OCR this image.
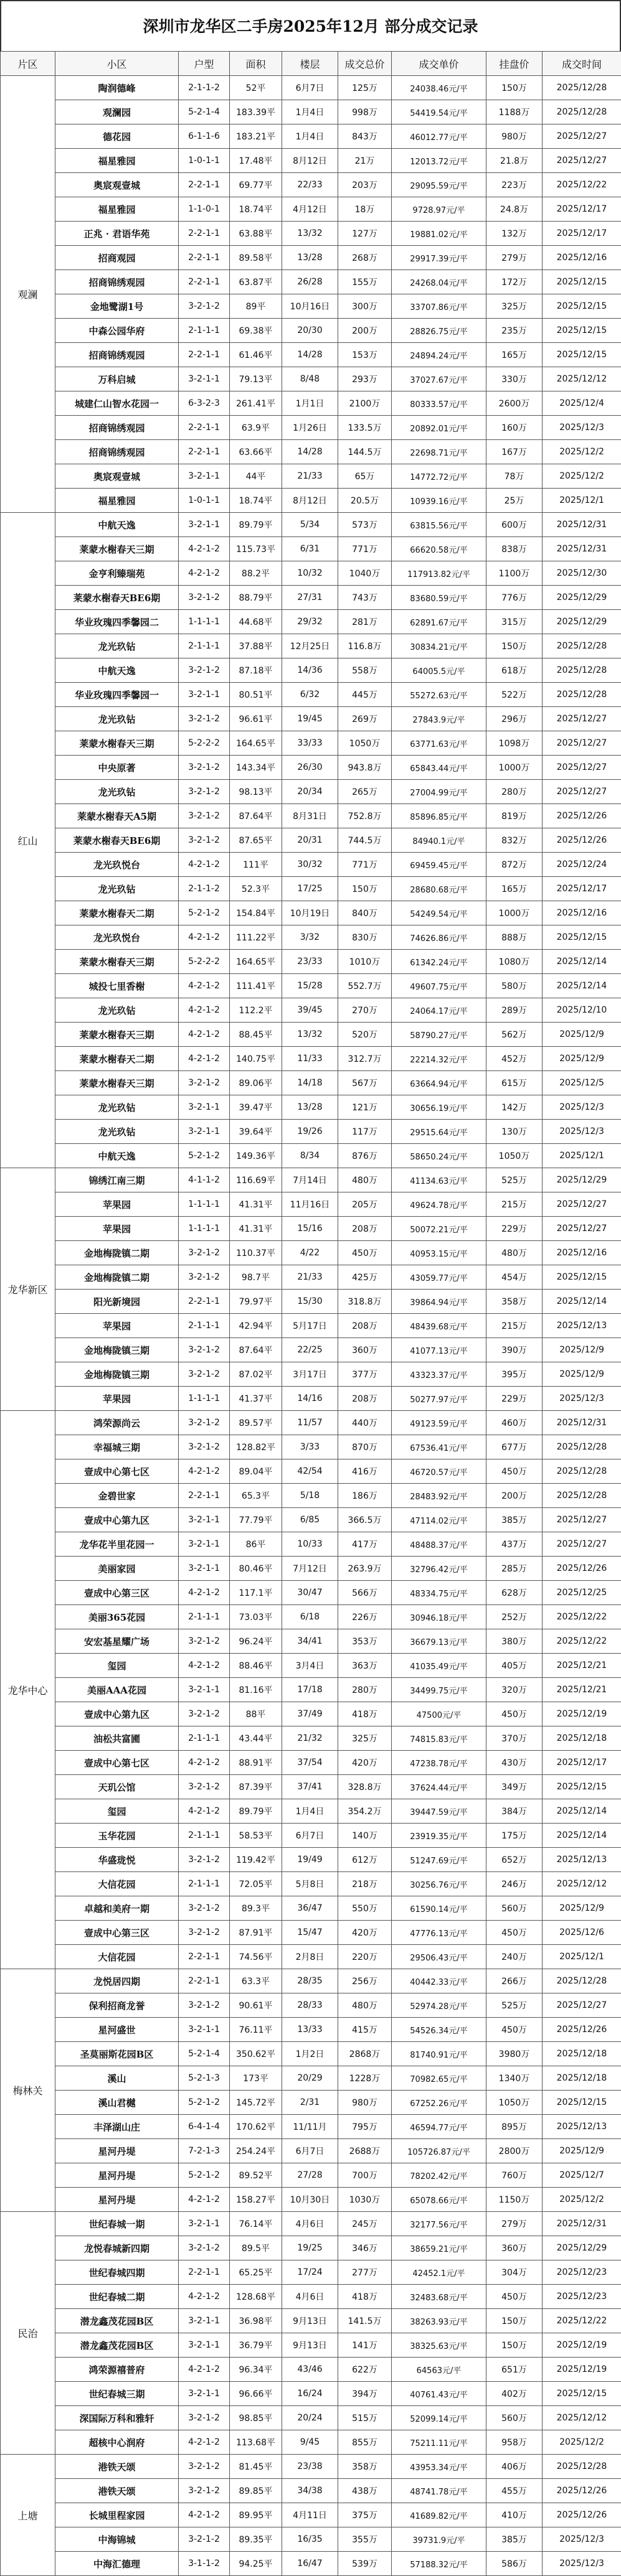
深圳市龙华区二手房2025年12月 部分成交记录
片区	小区	户型	面积	楼层	成交总价	成交单价	挂盘价	成交时间
观澜	陶润德峰	2-1-1-2	52平	6月7日	125万	24038.46元/平	150万	2025/12/28
	观澜园	5-2-1-4	183.39平	1月4日	998万	54419.54元/平	1188万	2025/12/28
	德花园	6-1-1-6	183.21平	1月4日	843万	46012.77元/平	980万	2025/12/27
	福星雅园	1-0-1-1	17.48平	8月12日	21万	12013.72元/平	21.8万	2025/12/27
	奥宸观壹城	2-2-1-1	69.77平	22/33	203万	29095.59元/平	223万	2025/12/22
	福星雅园	1-1-0-1	18.74平	4月12日	18万	9728.97元/平	24.8万	2025/12/17
	正兆 · 君语华苑	2-2-1-1	63.88平	13/32	127万	19881.02元/平	132万	2025/12/17
	招商观园	2-2-1-1	89.58平	13/28	268万	29917.39元/平	279万	2025/12/16
	招商锦绣观园	2-2-1-1	63.87平	26/28	155万	24268.04元/平	172万	2025/12/15
	金地鹭湖1号	3-2-1-2	89平	10月16日	300万	33707.86元/平	325万	2025/12/15
	中森公园华府	2-1-1-1	69.38平	20/30	200万	28826.75元/平	235万	2025/12/15
	招商锦绣观园	2-2-1-1	61.46平	14/28	153万	24894.24元/平	165万	2025/12/15
	万科启城	3-2-1-1	79.13平	8/48	293万	37027.67元/平	330万	2025/12/12
	城建仁山智水花园一	6-3-2-3	261.41平	1月1日	2100万	80333.57元/平	2600万	2025/12/4
	招商锦绣观园	2-2-1-1	63.9平	1月26日	133.5万	20892.01元/平	160万	2025/12/3
	招商锦绣观园	2-2-1-1	63.66平	14/28	144.5万	22698.71元/平	167万	2025/12/2
	奥宸观壹城	3-2-1-1	44平	21/33	65万	14772.72元/平	78万	2025/12/2
	福星雅园	1-0-1-1	18.74平	8月12日	20.5万	10939.16元/平	25万	2025/12/1
红山	中航天逸	3-2-1-1	89.79平	5/34	573万	63815.56元/平	600万	2025/12/31
	莱蒙水榭春天三期	4-2-1-2	115.73平	6/31	771万	66620.58元/平	838万	2025/12/31
	金亨利臻瑞苑	4-2-1-2	88.2平	10/32	1040万	117913.82元/平	1100万	2025/12/30
	莱蒙水榭春天BE6期	3-2-1-2	88.79平	27/31	743万	83680.59元/平	776万	2025/12/29
	华业玫瑰四季馨园二	1-1-1-1	44.68平	29/32	281万	62891.67元/平	315万	2025/12/29
	龙光玖钻	2-1-1-1	37.88平	12月25日	116.8万	30834.21元/平	150万	2025/12/28
	中航天逸	3-2-1-2	87.18平	14/36	558万	64005.5元/平	618万	2025/12/28
	华业玫瑰四季馨园一	3-2-1-1	80.51平	6/32	445万	55272.63元/平	522万	2025/12/28
	龙光玖钻	3-2-1-2	96.61平	19/45	269万	27843.9元/平	296万	2025/12/27
	莱蒙水榭春天三期	5-2-2-2	164.65平	33/33	1050万	63771.63元/平	1098万	2025/12/27
	中央原著	3-2-1-2	143.34平	26/30	943.8万	65843.44元/平	1000万	2025/12/27
	龙光玖钻	3-2-1-2	98.13平	20/34	265万	27004.99元/平	280万	2025/12/27
	莱蒙水榭春天A5期	3-2-1-2	87.64平	8月31日	752.8万	85896.85元/平	819万	2025/12/26
	莱蒙水榭春天BE6期	3-2-1-2	87.65平	20/31	744.5万	84940.1元/平	832万	2025/12/26
	龙光玖悦台	4-2-1-2	111平	30/32	771万	69459.45元/平	872万	2025/12/24
	龙光玖钻	2-1-1-2	52.3平	17/25	150万	28680.68元/平	165万	2025/12/17
	莱蒙水榭春天二期	5-2-1-2	154.84平	10月19日	840万	54249.54元/平	1000万	2025/12/16
	龙光玖悦台	4-2-1-2	111.22平	3/32	830万	74626.86元/平	888万	2025/12/15
	莱蒙水榭春天三期	5-2-2-2	164.65平	23/33	1010万	61342.24元/平	1080万	2025/12/14
	城投七里香榭	4-2-1-2	111.41平	15/28	552.7万	49607.75元/平	580万	2025/12/14
	龙光玖钻	4-2-1-2	112.2平	39/45	270万	24064.17元/平	289万	2025/12/10
	莱蒙水榭春天三期	4-2-1-2	88.45平	13/32	520万	58790.27元/平	562万	2025/12/9
	莱蒙水榭春天二期	4-2-1-2	140.75平	11/33	312.7万	22214.32元/平	452万	2025/12/9
	莱蒙水榭春天三期	3-2-1-2	89.06平	14/18	567万	63664.94元/平	615万	2025/12/5
	龙光玖钻	3-2-1-1	39.47平	13/28	121万	30656.19元/平	142万	2025/12/3
	龙光玖钻	3-2-1-1	39.64平	19/26	117万	29515.64元/平	130万	2025/12/3
	中航天逸	5-2-1-2	149.36平	8/34	876万	58650.24元/平	1050万	2025/12/1
龙华新区	锦绣江南三期	4-1-1-2	116.69平	7月14日	480万	41134.63元/平	525万	2025/12/29
	苹果园	1-1-1-1	41.31平	11月16日	205万	49624.78元/平	215万	2025/12/27
	苹果园	1-1-1-1	41.31平	15/16	208万	50072.21元/平	229万	2025/12/27
	金地梅陇镇二期	3-2-1-2	110.37平	4/22	450万	40953.15元/平	480万	2025/12/16
	金地梅陇镇二期	3-2-1-2	98.7平	21/33	425万	43059.77元/平	454万	2025/12/15
	阳光新境园	2-2-1-1	79.97平	15/30	318.8万	39864.94元/平	358万	2025/12/14
	苹果园	2-1-1-1	42.94平	5月17日	208万	48439.68元/平	215万	2025/12/13
	金地梅陇镇三期	3-2-1-2	87.64平	22/25	360万	41077.13元/平	390万	2025/12/9
	金地梅陇镇三期	3-2-1-2	87.02平	3月17日	377万	43323.37元/平	395万	2025/12/9
	苹果园	1-1-1-1	41.37平	14/16	208万	50277.97元/平	229万	2025/12/3
龙华中心	鸿荣源尚云	3-2-1-2	89.57平	11/57	440万	49123.59元/平	460万	2025/12/31
	幸福城三期	3-2-1-2	128.82平	3/33	870万	67536.41元/平	677万	2025/12/28
	壹成中心第七区	4-2-1-2	89.04平	42/54	416万	46720.57元/平	450万	2025/12/28
	金碧世家	2-2-1-1	65.3平	5/18	186万	28483.92元/平	200万	2025/12/28
	壹成中心第九区	3-2-1-1	77.79平	6/85	366.5万	47114.02元/平	385万	2025/12/27
	龙华花半里花园一	3-2-1-1	86平	10/33	417万	48488.37元/平	437万	2025/12/27
	美丽家园	3-2-1-1	80.46平	7月12日	263.9万	32796.42元/平	285万	2025/12/26
	壹成中心第三区	4-2-1-2	117.1平	30/47	566万	48334.75元/平	628万	2025/12/25
	美丽365花园	2-1-1-1	73.03平	6/18	226万	30946.18元/平	252万	2025/12/22
	安宏基星耀广场	3-2-1-2	96.24平	34/41	353万	36679.13元/平	380万	2025/12/22
	玺园	4-2-1-2	88.46平	3月4日	363万	41035.49元/平	405万	2025/12/21
	美丽AAA花园	3-2-1-1	81.16平	17/18	280万	34499.75元/平	320万	2025/12/21
	壹成中心第九区	3-2-1-2	88平	37/49	418万	47500元/平	450万	2025/12/19
	油松共富圃	2-1-1-1	43.44平	21/32	325万	74815.83元/平	370万	2025/12/18
	壹成中心第七区	4-2-1-2	88.91平	37/54	420万	47238.78元/平	430万	2025/12/17
	天玑公馆	3-2-1-2	87.39平	37/41	328.8万	37624.44元/平	349万	2025/12/15
	玺园	4-2-1-2	89.79平	1月4日	354.2万	39447.59元/平	384万	2025/12/14
	玉华花园	2-1-1-1	58.53平	6月7日	140万	23919.35元/平	175万	2025/12/14
	华盛珑悦	3-2-1-2	119.42平	19/49	612万	51247.69元/平	652万	2025/12/13
	大信花园	2-1-1-1	72.05平	5月8日	218万	30256.76元/平	246万	2025/12/12
	卓越和美府一期	3-2-1-2	89.3平	36/47	550万	61590.14元/平	560万	2025/12/9
	壹成中心第三区	3-2-1-2	87.91平	15/47	420万	47776.13元/平	450万	2025/12/6
	大信花园	2-2-1-1	74.56平	2月8日	220万	29506.43元/平	240万	2025/12/1
梅林关	龙悦居四期	2-2-1-1	63.3平	28/35	256万	40442.33元/平	266万	2025/12/28
	保利招商龙誉	3-2-1-2	90.61平	28/33	480万	52974.28元/平	525万	2025/12/27
	星河盛世	3-2-1-1	76.11平	13/33	415万	54526.34元/平	450万	2025/12/26
	圣莫丽斯花园B区	5-2-1-4	350.62平	1月2日	2868万	81740.91元/平	3980万	2025/12/18
	溪山	5-2-1-3	173平	20/29	1228万	70982.65元/平	1340万	2025/12/18
	溪山君樾	5-2-1-2	145.72平	2/31	980万	67252.26元/平	1050万	2025/12/15
	丰泽湖山庄	6-4-1-4	170.62平	11/11月	795万	46594.77元/平	895万	2025/12/13
	星河丹堤	7-2-1-3	254.24平	6月7日	2688万	105726.87元/平	2800万	2025/12/9
	星河丹堤	5-2-1-2	89.52平	27/28	700万	78202.42元/平	760万	2025/12/7
	星河丹堤	4-2-1-2	158.27平	10月30日	1030万	65078.66元/平	1150万	2025/12/2
民治	世纪春城一期	3-2-1-1	76.14平	4月6日	245万	32177.56元/平	279万	2025/12/31
	龙悦春城新四期	3-2-1-2	89.5平	19/25	346万	38659.21元/平	360万	2025/12/29
	世纪春城四期	2-2-1-1	65.25平	17/24	277万	42452.1元/平	304万	2025/12/23
	世纪春城二期	4-2-1-2	128.68平	4月6日	418万	32483.68元/平	450万	2025/12/23
	潜龙鑫茂花园B区	3-2-1-1	36.98平	9月13日	141.5万	38263.93元/平	150万	2025/12/22
	潜龙鑫茂花园B区	3-2-1-1	36.79平	9月13日	141万	38325.63元/平	150万	2025/12/19
	鸿荣源禧普府	4-2-1-2	96.34平	43/46	622万	64563元/平	651万	2025/12/19
	世纪春城三期	3-2-1-1	96.66平	16/24	394万	40761.43元/平	402万	2025/12/15
	深国际万科和雅轩	3-2-1-2	98.85平	20/24	515万	52099.14元/平	560万	2025/12/12
	超核中心润府	4-2-1-2	113.68平	9/45	855万	75211.11元/平	958万	2025/12/2
上塘	港铁天颂	3-2-1-2	81.45平	23/38	358万	43953.34元/平	406万	2025/12/28
	港铁天颂	3-2-1-2	89.85平	34/38	438万	48741.78元/平	455万	2025/12/26
	长城里程家园	4-2-1-2	89.95平	4月11日	375万	41689.82元/平	410万	2025/12/26
	中海锦城	3-2-1-2	89.35平	16/35	355万	39731.9元/平	385万	2025/12/3
	中海汇德理	3-1-1-2	94.25平	16/47	539万	57188.32元/平	586万	2025/12/3
